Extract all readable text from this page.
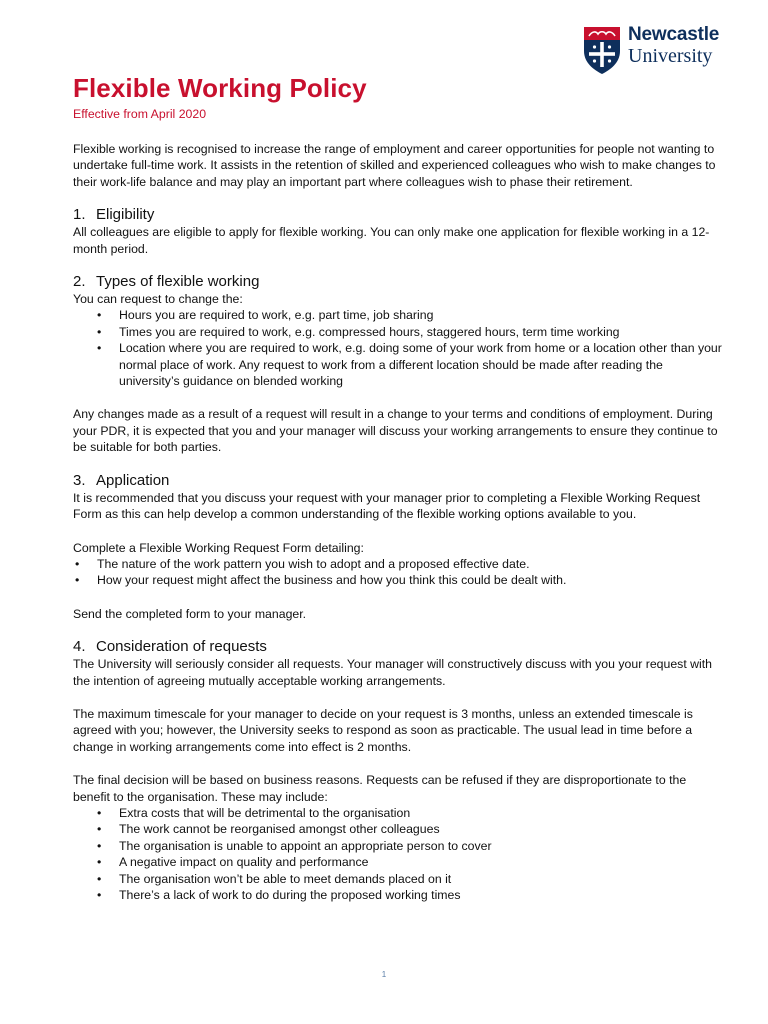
Newcastle
University
Flexible Working Policy

Effective from April 2020

Flexible working is recognised to increase the range of employment and career opportunities for people not wanting to undertake full-time work. It assists in the retention of skilled and experienced colleagues who wish to make changes to their work-life balance and may play an important part where colleagues wish to phase their retirement.

1. Eligibility

All colleagues are eligible to apply for flexible working. You can only make one application for flexible working in a 12-month period.

2. Types of flexible working

You can request to change the:

• Hours you are required to work, e.g. part time, job sharing
• Times you are required to work, e.g. compressed hours, staggered hours, term time working
• Location where you are required to work, e.g. doing some of your work from home or a location other than your normal place of work. Any request to work from a different location should be made after reading the university’s guidance on blended working

Any changes made as a result of a request will result in a change to your terms and conditions of employment. During your PDR, it is expected that you and your manager will discuss your working arrangements to ensure they continue to be suitable for both parties.

3. Application

It is recommended that you discuss your request with your manager prior to completing a Flexible Working Request Form as this can help develop a common understanding of the flexible working options available to you.

Complete a Flexible Working Request Form detailing:

• The nature of the work pattern you wish to adopt and a proposed effective date.
• How your request might affect the business and how you think this could be dealt with.

Send the completed form to your manager.

4. Consideration of requests

The University will seriously consider all requests. Your manager will constructively discuss with you your request with the intention of agreeing mutually acceptable working arrangements.

The maximum timescale for your manager to decide on your request is 3 months, unless an extended timescale is agreed with you; however, the University seeks to respond as soon as practicable. The usual lead in time before a change in working arrangements come into effect is 2 months.

The final decision will be based on business reasons. Requests can be refused if they are disproportionate to the benefit to the organisation. These may include:

• Extra costs that will be detrimental to the organisation
• The work cannot be reorganised amongst other colleagues
• The organisation is unable to appoint an appropriate person to cover
• A negative impact on quality and performance
• The organisation won’t be able to meet demands placed on it
• There’s a lack of work to do during the proposed working times
1
